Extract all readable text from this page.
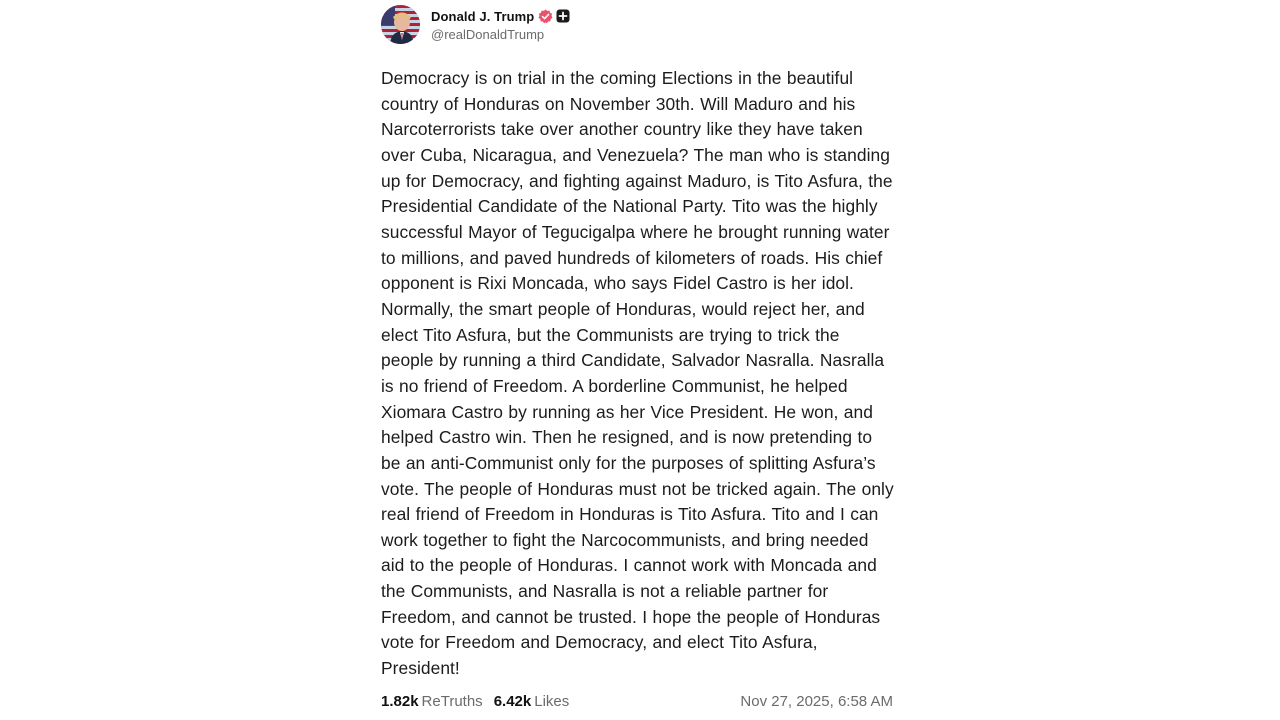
Donald J. Trump
@realDonaldTrump
Democracy is on trial in the coming Elections in the beautiful country of Honduras on November 30th. Will Maduro and his Narcoterrorists take over another country like they have taken over Cuba, Nicaragua, and Venezuela? The man who is standing up for Democracy, and fighting against Maduro, is Tito Asfura, the Presidential Candidate of the National Party. Tito was the highly successful Mayor of Tegucigalpa where he brought running water to millions, and paved hundreds of kilometers of roads. His chief opponent is Rixi Moncada, who says Fidel Castro is her idol. Normally, the smart people of Honduras, would reject her, and elect Tito Asfura, but the Communists are trying to trick the people by running a third Candidate, Salvador Nasralla. Nasralla is no friend of Freedom. A borderline Communist, he helped Xiomara Castro by running as her Vice President. He won, and helped Castro win. Then he resigned, and is now pretending to be an anti-Communist only for the purposes of splitting Asfura’s vote. The people of Honduras must not be tricked again. The only real friend of Freedom in Honduras is Tito Asfura. Tito and I can work together to fight the Narcocommunists, and bring needed aid to the people of Honduras. I cannot work with Moncada and the Communists, and Nasralla is not a reliable partner for Freedom, and cannot be trusted. I hope the people of Honduras vote for Freedom and Democracy, and elect Tito Asfura, President!
1.82k ReTruths 6.42k Likes	Nov 27, 2025, 6:58 AM
